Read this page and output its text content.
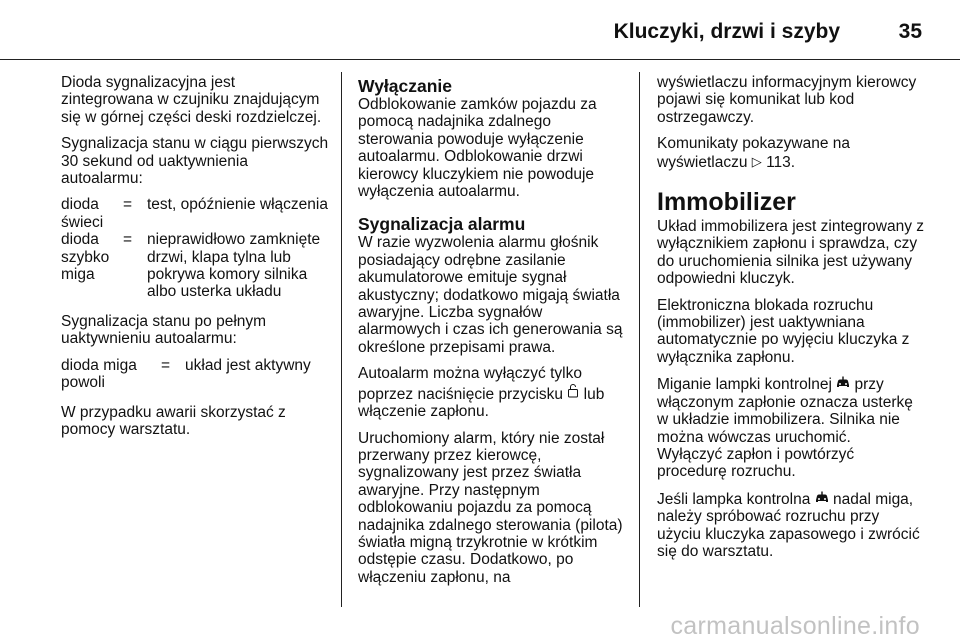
Kluczyki, drzwi i szyby	35

Dioda sygnalizacyjna jest zintegrowana w czujniku znajdującym się w górnej części deski rozdzielczej.

Sygnalizacja stanu w ciągu pierwszych 30 sekund od uaktywnienia autoalarmu:

dioda świeci
= test, opóźnienie włączenia
dioda szybko miga
= nieprawidłowo zamknięte drzwi, klapa tylna lub pokrywa komory silnika albo usterka układu

Sygnalizacja stanu po pełnym uaktywnieniu autoalarmu:

dioda miga powoli
= układ jest aktywny

W przypadku awarii skorzystać z pomocy warsztatu.

Wyłączanie

Odblokowanie zamków pojazdu za pomocą nadajnika zdalnego sterowania powoduje wyłączenie autoalarmu. Odblokowanie drzwi kierowcy kluczykiem nie powoduje wyłączenia autoalarmu.

Sygnalizacja alarmu

W razie wyzwolenia alarmu głośnik posiadający odrębne zasilanie akumulatorowe emituje sygnał akustyczny; dodatkowo migają światła awaryjne. Liczba sygnałów alarmowych i czas ich generowania są określone przepisami prawa.

Autoalarm można wyłączyć tylko poprzez naciśnięcie przycisku  lub włączenie zapłonu.

Uruchomiony alarm, który nie został przerwany przez kierowcę, sygnalizowany jest przez światła awaryjne. Przy następnym odblokowaniu pojazdu za pomocą nadajnika zdalnego sterowania (pilota) światła migną trzykrotnie w krótkim odstępie czasu. Dodatkowo, po włączeniu zapłonu, na

wyświetlaczu informacyjnym kierowcy pojawi się komunikat lub kod ostrzegawczy.

Komunikaty pokazywane na wyświetlaczu ▷ 113.

Immobilizer

Układ immobilizera jest zintegrowany z wyłącznikiem zapłonu i sprawdza, czy do uruchomienia silnika jest używany odpowiedni kluczyk.

Elektroniczna blokada rozruchu (immobilizer) jest uaktywniana automatycznie po wyjęciu kluczyka z wyłącznika zapłonu.

Miganie lampki kontrolnej  przy włączonym zapłonie oznacza usterkę w układzie immobilizera. Silnika nie można wówczas uruchomić.
Wyłączyć zapłon i powtórzyć procedurę rozruchu.

Jeśli lampka kontrolna  nadal miga, należy spróbować rozruchu przy użyciu kluczyka zapasowego i zwrócić się do warsztatu.

carmanualsonline.info
